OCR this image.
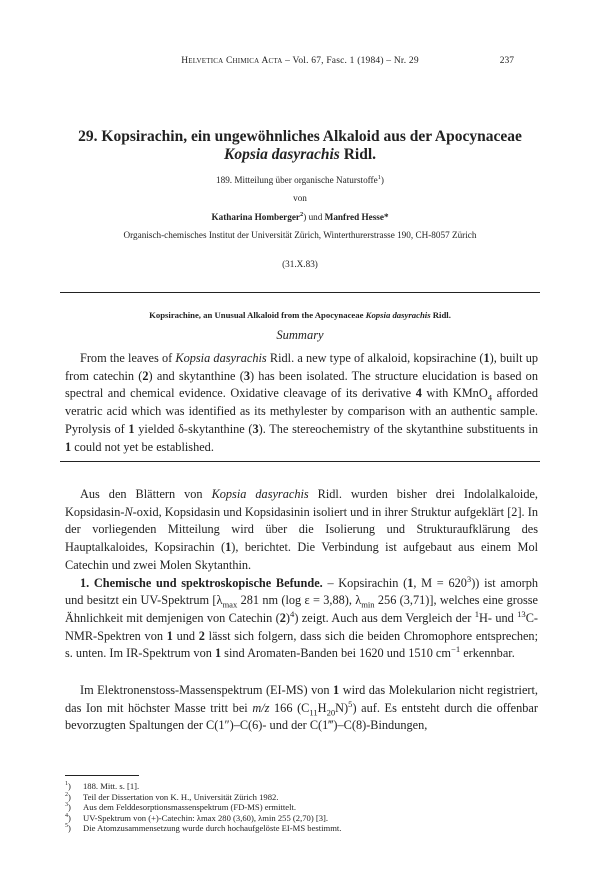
Helvetica Chimica Acta – Vol. 67, Fasc. 1 (1984) – Nr. 29	237
29. Kopsirachin, ein ungewöhnliches Alkaloid aus der Apocynaceae Kopsia dasyrachis Ridl.
189. Mitteilung über organische Naturstoffe$^1$)
von
Katharina Homberger$^2$) und Manfred Hesse*
Organisch-chemisches Institut der Universität Zürich, Winterthurerstrasse 190, CH-8057 Zürich
(31.X.83)
Kopsirachine, an Unusual Alkaloid from the Apocynaceae Kopsia dasyrachis Ridl.
Summary
From the leaves of Kopsia dasyrachis Ridl. a new type of alkaloid, kopsirachine (1), built up from catechin (2) and skytanthine (3) has been isolated. The structure elucidation is based on spectral and chemical evidence. Oxidative cleavage of its derivative 4 with KMnO$_4$ afforded veratric acid which was identified as its methylester by comparison with an authentic sample. Pyrolysis of 1 yielded δ-skytanthine (3). The stereochemistry of the skytanthine substituents in 1 could not yet be established.

Aus den Blättern von Kopsia dasyrachis Ridl. wurden bisher drei Indolalkaloide, Kopsidasin-N-oxid, Kopsidasin und Kopsidasinin isoliert und in ihrer Struktur aufgeklärt [2]. In der vorliegenden Mitteilung wird über die Isolierung und Strukturaufklärung des Hauptalkaloides, Kopsirachin (1), berichtet. Die Verbindung ist aufgebaut aus einem Mol Catechin und zwei Molen Skytanthin.

1. Chemische und spektroskopische Befunde. – Kopsirachin (1, $M = 620^3$)) ist amorph und besitzt ein UV-Spektrum [$\lambda_{max}$ 281 nm (log ε = 3,88), $\lambda_{min}$ 256 (3,71)], welches eine grosse Ähnlichkeit mit demjenigen von Catechin $(2)^4$) zeigt. Auch aus dem Vergleich der $^1$H- und $^{13}$C-NMR-Spektren von 1 und 2 lässt sich folgern, dass sich die beiden Chromophore entsprechen; s. unten. Im IR-Spektrum von 1 sind Aromaten-Banden bei 1620 und 1510 $cm^{-1}$ erkennbar.

Im Elektronenstoss-Massenspektrum (EI-MS) von 1 wird das Molekularion nicht registriert, das Ion mit höchster Masse tritt bei m/z 166 $(C_{11}H_{20}N)^5$) auf. Es entsteht durch die offenbar bevorzugten Spaltungen der C(1″)–C(6)- und der C(1‴)–C(8)-Bindungen,

$^1$) 188. Mitt. s. [1].
$^2$) Teil der Dissertation von K. H., Universität Zürich 1982.
$^3$) Aus dem Felddesorptionsmassenspektrum (FD-MS) ermittelt.
$^4$) UV-Spektrum von (+)-Catechin: λmax 280 (3,60), λmin 255 (2,70) [3].
$^5$) Die Atomzusammensetzung wurde durch hochaufgelöste EI-MS bestimmt.
